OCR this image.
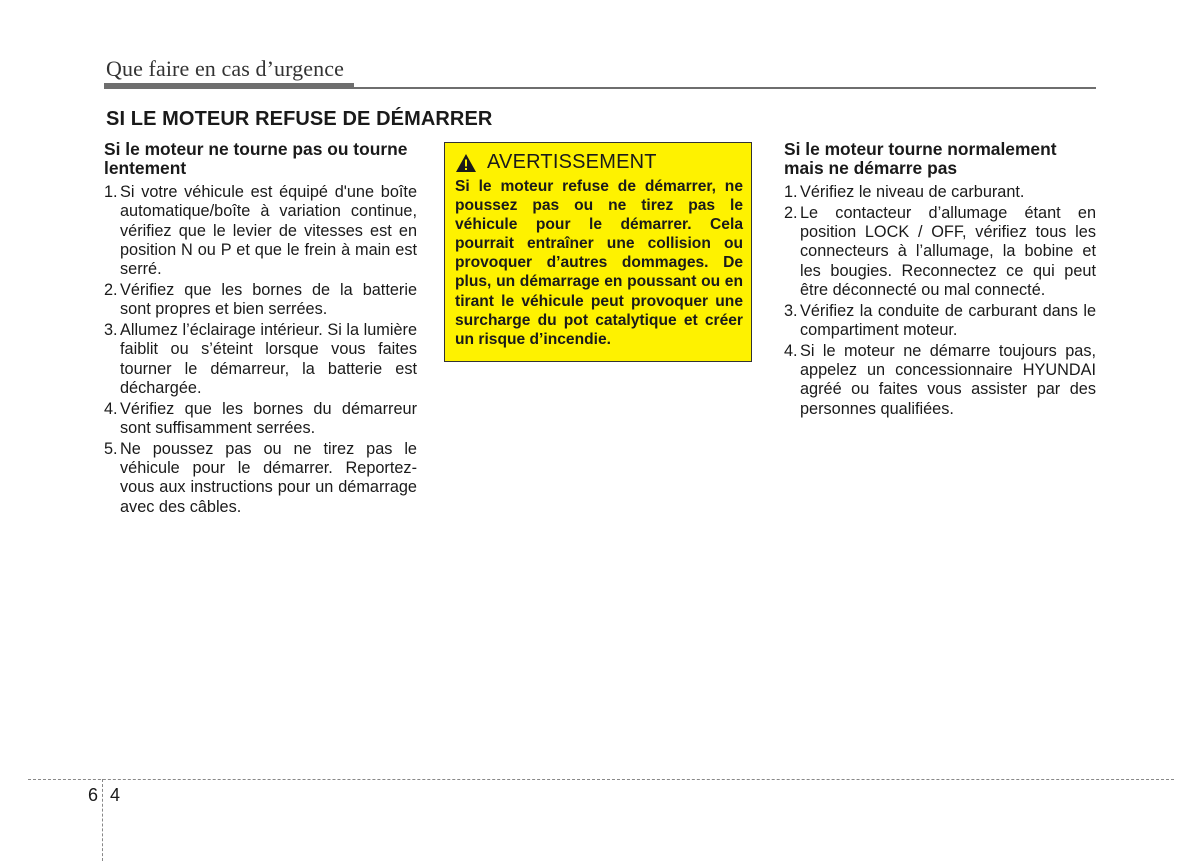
Que faire en cas d’urgence
SI LE MOTEUR REFUSE DE DÉMARRER
Si le moteur ne tourne pas ou tourne lentement
1. Si votre véhicule est équipé d'une boîte automatique/boîte à variation continue, vérifiez que le levier de vitesses est en position N ou P et que le frein à main est serré.
2. Vérifiez que les bornes de la batterie sont propres et bien serrées.
3. Allumez l’éclairage intérieur. Si la lumière faiblit ou s’éteint lorsque vous faites tourner le démarreur, la batterie est déchargée.
4. Vérifiez que les bornes du démarreur sont suffisamment serrées.
5. Ne poussez pas ou ne tirez pas le véhicule pour le démarrer. Reportez-vous aux instructions pour un démarrage avec des câbles.
AVERTISSEMENT
Si le moteur refuse de démarrer, ne poussez pas ou ne tirez pas le véhicule pour le démarrer. Cela pourrait entraîner une collision ou provoquer d’autres dommages. De plus, un démarrage en poussant ou en tirant le véhicule peut provoquer une surcharge du pot catalytique et créer un risque d’incendie.
Si le moteur tourne normalement mais ne démarre pas
1. Vérifiez le niveau de carburant.
2. Le contacteur d’allumage étant en position LOCK / OFF, vérifiez tous les connecteurs à l’allumage, la bobine et les bougies. Reconnectez ce qui peut être déconnecté ou mal connecté.
3. Vérifiez la conduite de carburant dans le compartiment moteur.
4. Si le moteur ne démarre toujours pas, appelez un concessionnaire HYUNDAI agréé ou faites vous assister par des personnes qualifiées.
6 4
